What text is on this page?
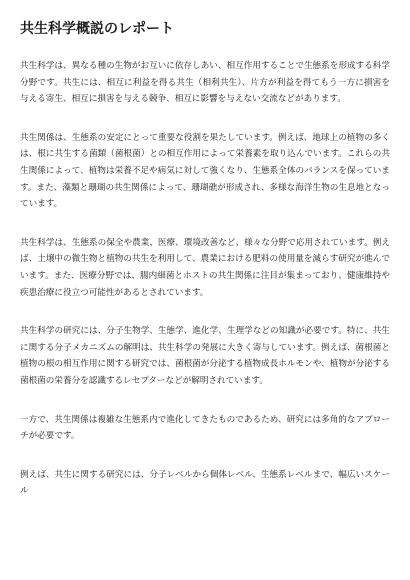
共生科学概説のレポート

共生科学は、異なる種の生物がお互いに依存しあい、相互作用することで生態系を形成する科学分野です。共生には、相互に利益を得る共生（相利共生）、片方が利益を得てもう一方に損害を与える寄生、相互に損害を与える競争、相互に影響を与えない交流などがあります。

共生関係は、生態系の安定にとって重要な役割を果たしています。例えば、地球上の植物の多くは、根に共生する菌類（菌根菌）との相互作用によって栄養素を取り込んでいます。これらの共生関係によって、植物は栄養不足や病気に対して強くなり、生態系全体のバランスを保っています。また、藻類と珊瑚の共生関係によって、珊瑚礁が形成され、多様な海洋生物の生息地となっています。

共生科学は、生態系の保全や農業、医療、環境改善など、様々な分野で応用されています。例えば、土壌中の微生物と植物の共生を利用して、農業における肥料の使用量を減らす研究が進んでいます。また、医療分野では、腸内細菌とホストの共生関係に注目が集まっており、健康維持や疾患治療に役立つ可能性があるとされています。

共生科学の研究には、分子生物学、生態学、進化学、生理学などの知識が必要です。特に、共生に関する分子メカニズムの解明は、共生科学の発展に大きく寄与しています。例えば、菌根菌と植物の根の相互作用に関する研究では、菌根菌が分泌する植物成長ホルモンや、植物が分泌する菌根菌の栄養分を認識するレセプターなどが解明されています。

一方で、共生関係は複雑な生態系内で進化してきたものであるため、研究には多角的なアプローチが必要です。

例えば、共生に関する研究には、分子レベルから個体レベル、生態系レベルまで、幅広いスケール
